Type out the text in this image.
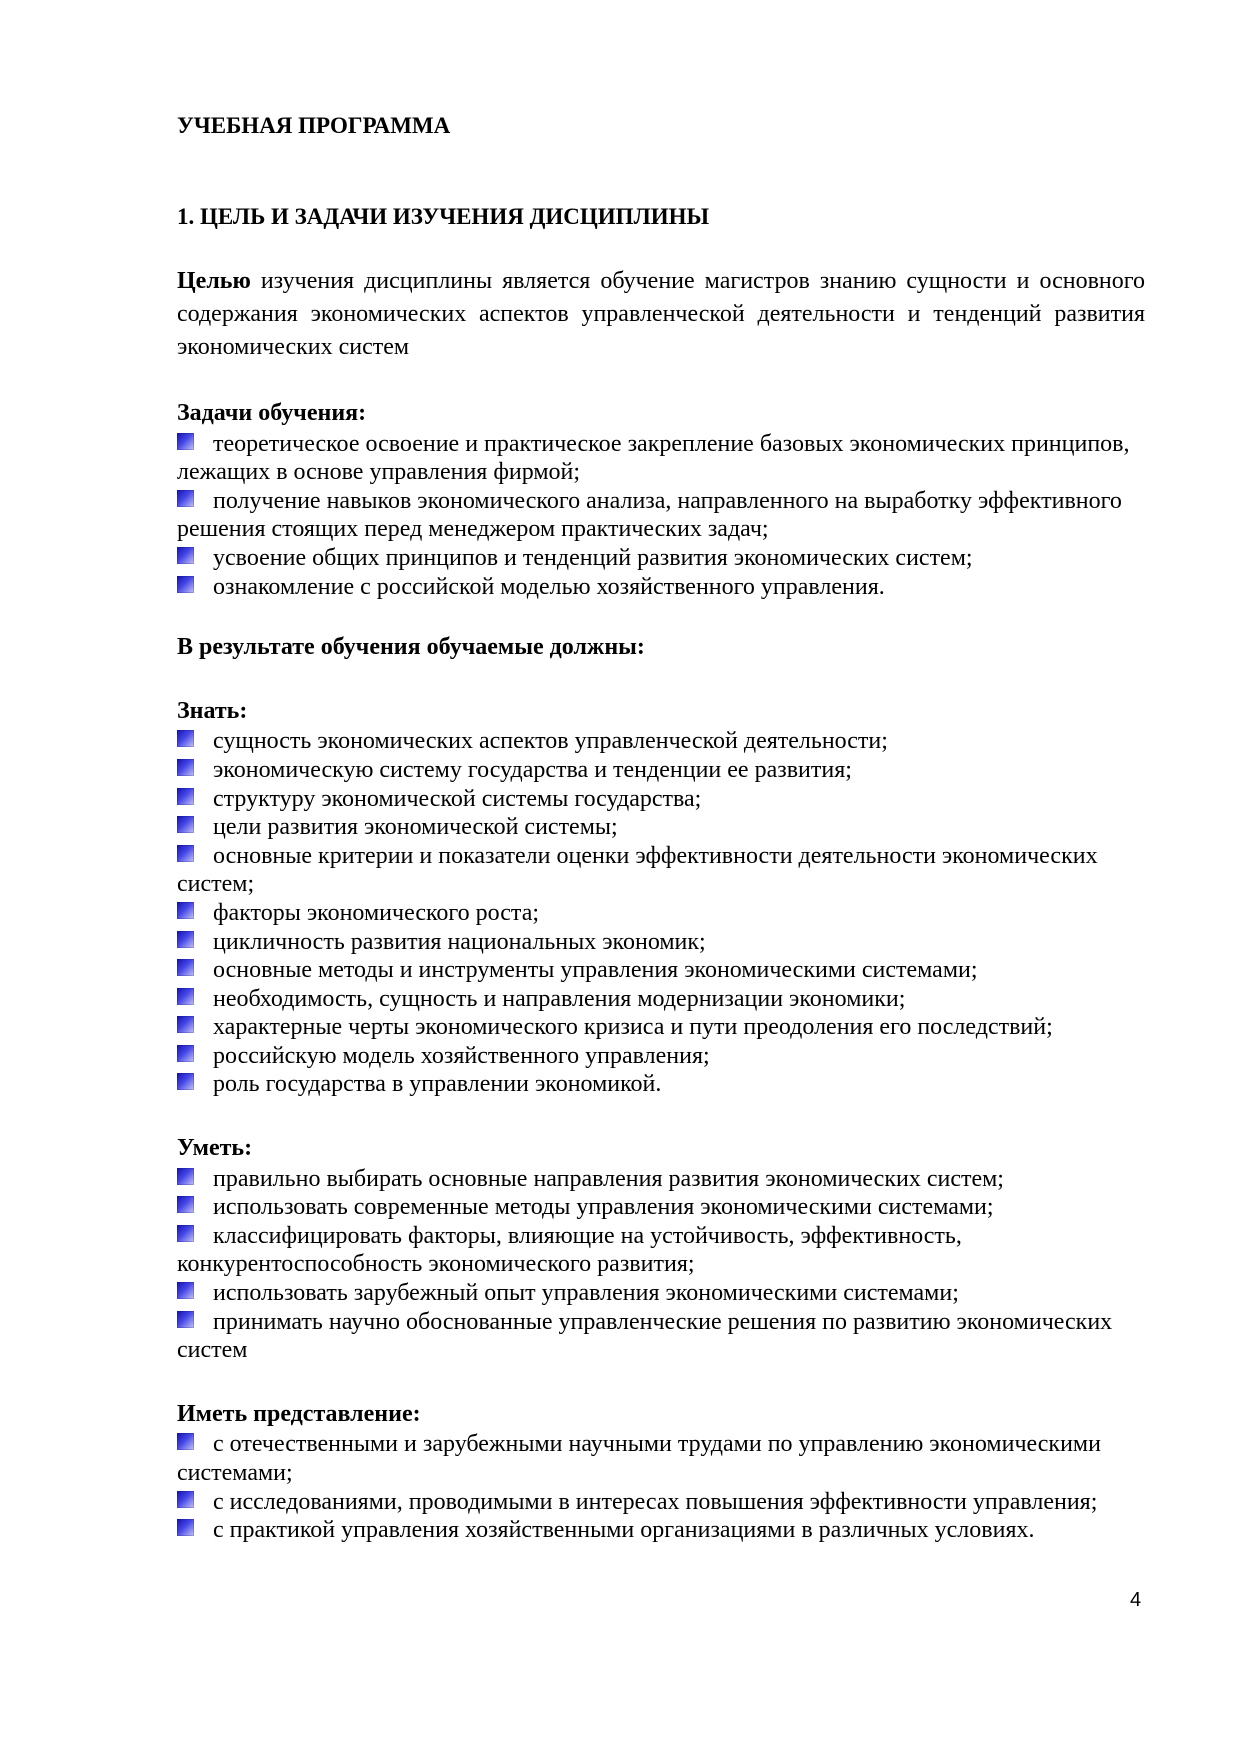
УЧЕБНАЯ ПРОГРАММА

1. ЦЕЛЬ И ЗАДАЧИ ИЗУЧЕНИЯ ДИСЦИПЛИНЫ

Целью изучения дисциплины является обучение магистров знанию сущности и основного содержания экономических аспектов управленческой деятельности и тенденций развития экономических систем

Задачи обучения:

теоретическое освоение и практическое закрепление базовых экономических принципов, лежащих в основе управления фирмой;
получение навыков экономического анализа, направленного на выработку эффективного решения стоящих перед менеджером практических задач;
усвоение общих принципов и тенденций развития экономических систем;
ознакомление с российской моделью хозяйственного управления.

В результате обучения обучаемые должны:

Знать:

сущность экономических аспектов управленческой деятельности;
экономическую систему государства и тенденции ее развития;
структуру экономической системы государства;
цели развития экономической системы;
основные критерии и показатели оценки эффективности деятельности экономических систем;
факторы экономического роста;
цикличность развития национальных экономик;
основные методы и инструменты управления экономическими системами;
необходимость, сущность и направления модернизации экономики;
характерные черты экономического кризиса и пути преодоления его последствий;
российскую модель хозяйственного управления;
роль государства в управлении экономикой.

Уметь:

правильно выбирать основные направления развития экономических систем;
использовать современные методы управления экономическими системами;
классифицировать факторы, влияющие на устойчивость, эффективность, конкурентоспособность экономического развития;
использовать зарубежный опыт управления экономическими системами;
принимать научно обоснованные управленческие решения по развитию экономических систем

Иметь представление:

с отечественными и зарубежными научными трудами по управлению экономическими системами;
с исследованиями, проводимыми в интересах повышения эффективности управления;
с практикой управления хозяйственными организациями в различных условиях.
4
